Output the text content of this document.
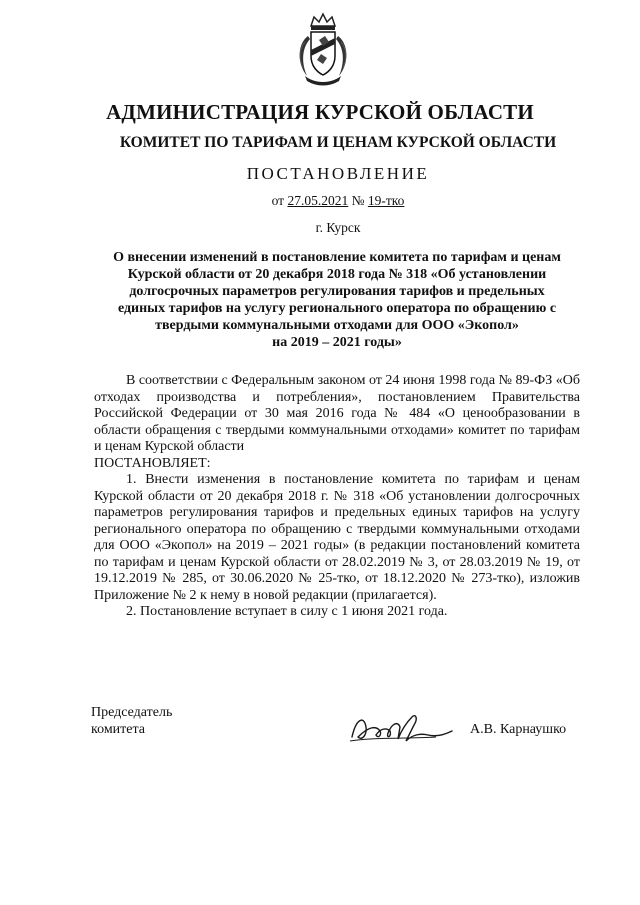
АДМИНИСТРАЦИЯ КУРСКОЙ ОБЛАСТИ
КОМИТЕТ ПО ТАРИФАМ И ЦЕНАМ КУРСКОЙ ОБЛАСТИ
ПОСТАНОВЛЕНИЕ
от 27.05.2021 № 19-тко
г. Курск
О внесении изменений в постановление комитета по тарифам и ценам
Курской области от 20 декабря 2018 года № 318 «Об установлении
долгосрочных параметров регулирования тарифов и предельных
единых тарифов на услугу регионального оператора по обращению с
твердыми коммунальными отходами для ООО «Экопол»
на 2019 – 2021 годы»

В соответствии с Федеральным законом от 24 июня 1998 года № 89-ФЗ «Об отходах производства и потребления», постановлением Правительства Российской Федерации от 30 мая 2016 года № 484 «О ценообразовании в области обращения с твердыми коммунальными отходами» комитет по тарифам и ценам Курской области

ПОСТАНОВЛЯЕТ:

1. Внести изменения в постановление комитета по тарифам и ценам Курской области от 20 декабря 2018 г. № 318 «Об установлении долгосрочных параметров регулирования тарифов и предельных единых тарифов на услугу регионального оператора по обращению с твердыми коммунальными отходами для ООО «Экопол» на 2019 – 2021 годы» (в редакции постановлений комитета по тарифам и ценам Курской области от 28.02.2019 № 3, от 28.03.2019 № 19, от 19.12.2019 № 285, от 30.06.2020 № 25-тко, от 18.12.2020 № 273-тко), изложив Приложение № 2 к нему в новой редакции (прилагается).

2. Постановление вступает в силу с 1 июня 2021 года.

Председатель
комитета	А.В. Карнаушко
